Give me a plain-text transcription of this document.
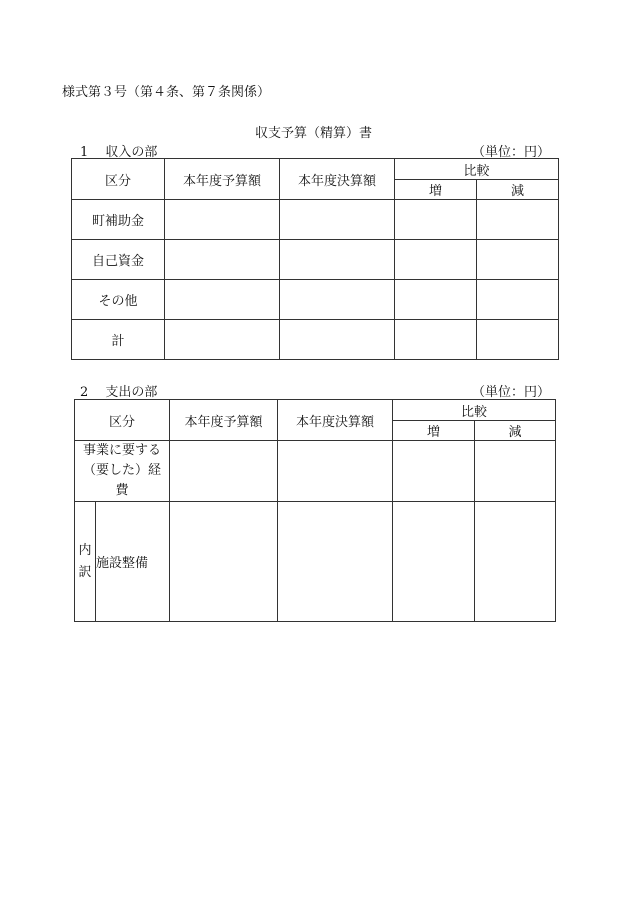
様式第３号（第４条、第７条関係）
収支予算（精算）書
1　 収入の部	（単位：円）
区分	本年度予算額	本年度決算額	比較	
			増	減
町補助金				
自己資金				
その他				
計				
2　 支出の部	（単位：円）
区分		本年度予算額	本年度決算額	比較	
				増	減
事業に要する（要した）経費					
内訳	施設整備				
